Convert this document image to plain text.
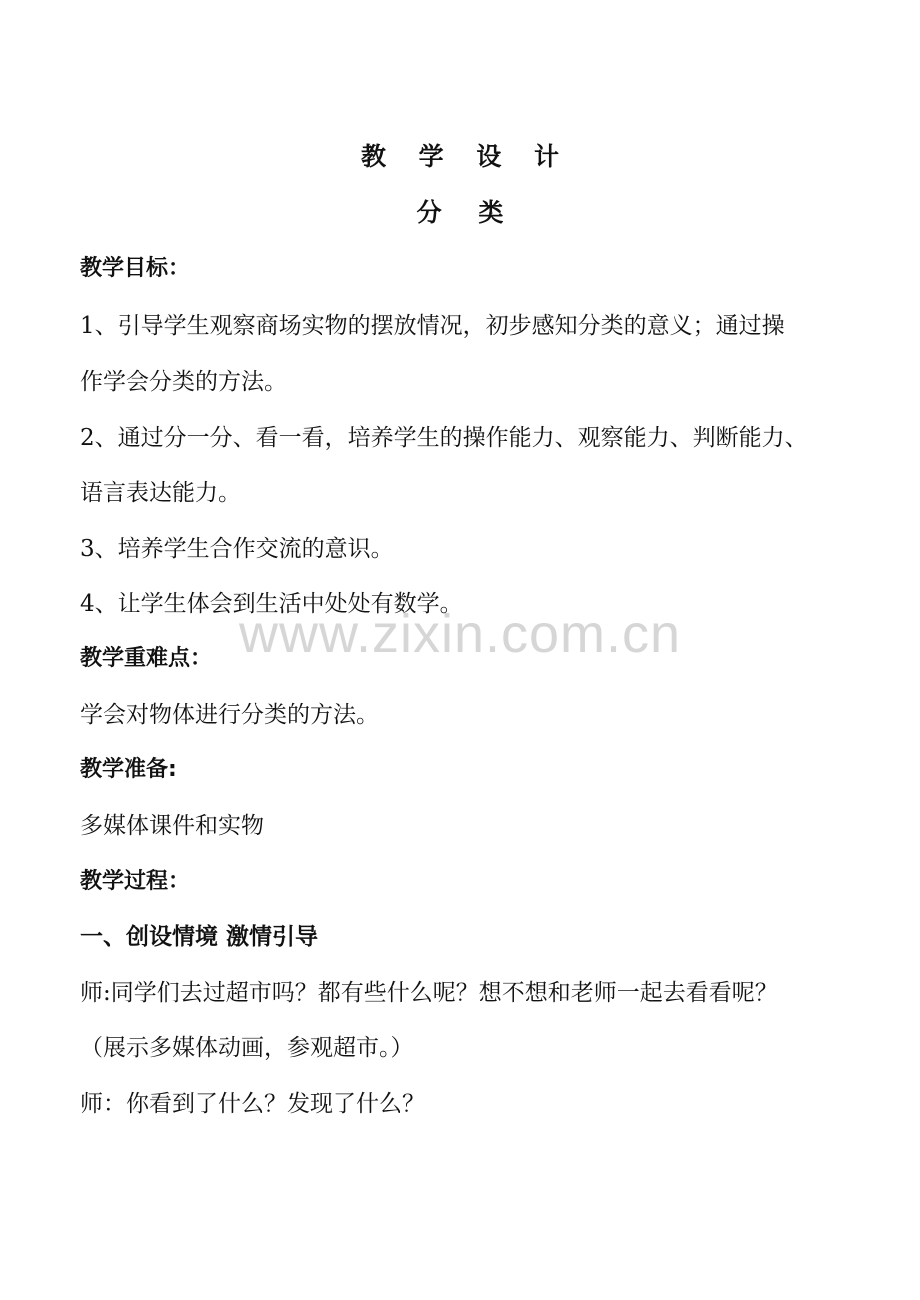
教 学 设 计
分 类
教学目标：
1、引导学生观察商场实物的摆放情况，初步感知分类的意义；通过操
作学会分类的方法。
2、通过分一分、看一看，培养学生的操作能力、观察能力、判断能力、
语言表达能力。
3、培养学生合作交流的意识。
4、让学生体会到生活中处处有数学。
教学重难点：
学会对物体进行分类的方法。
教学准备:
多媒体课件和实物
教学过程：
一、创设情境 激情引导
师:同学们去过超市吗？都有些什么呢？想不想和老师一起去看看呢？
（展示多媒体动画，参观超市。）
师：你看到了什么？发现了什么？
www.zixin.com.cn
